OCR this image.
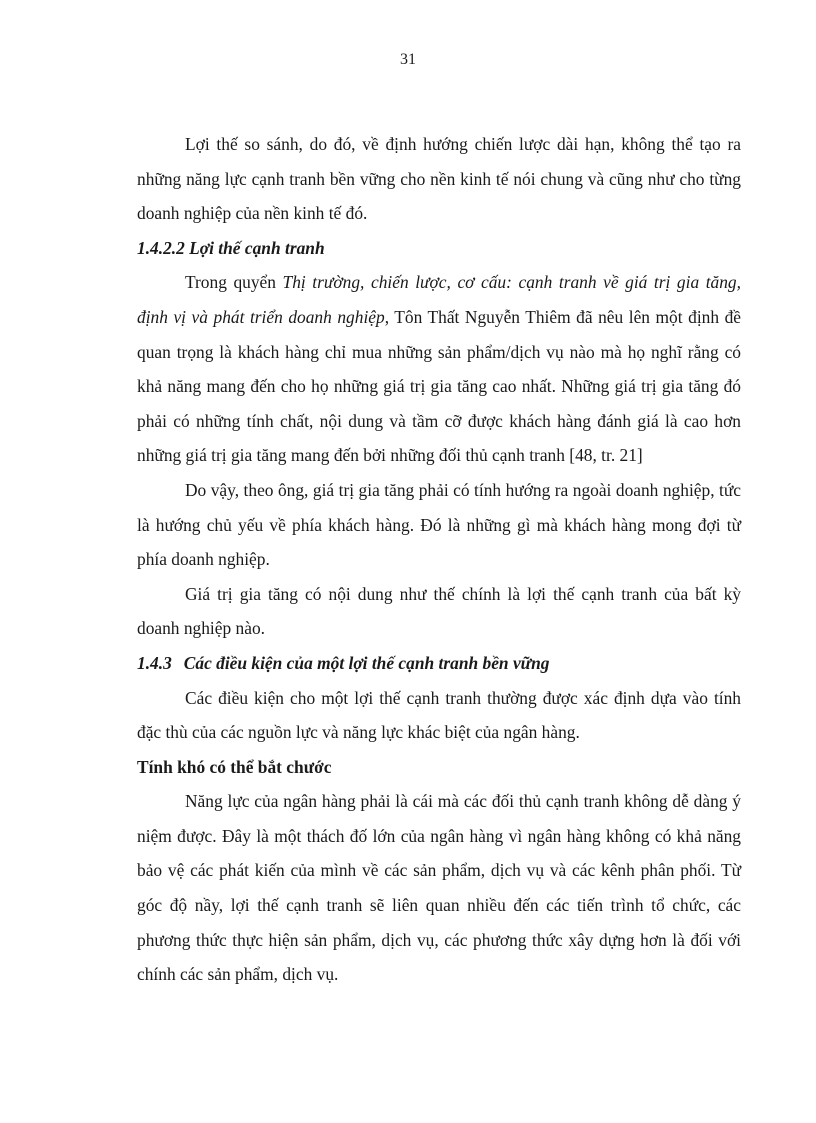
31

Lợi thế so sánh, do đó, về định hướng chiến lược dài hạn, không thể tạo ra những năng lực cạnh tranh bền vững cho nền kinh tế nói chung và cũng như cho từng doanh nghiệp của nền kinh tế đó.

1.4.2.2 Lợi thế cạnh tranh

Trong quyển Thị trường, chiến lược, cơ cấu: cạnh tranh về giá trị gia tăng, định vị và phát triển doanh nghiệp, Tôn Thất Nguyễn Thiêm đã nêu lên một định đề quan trọng là khách hàng chỉ mua những sản phẩm/dịch vụ nào mà họ nghĩ rằng có khả năng mang đến cho họ những giá trị gia tăng cao nhất. Những giá trị gia tăng đó phải có những tính chất, nội dung và tầm cỡ được khách hàng đánh giá là cao hơn những giá trị gia tăng mang đến bởi những đối thủ cạnh tranh [48, tr. 21]

Do vậy, theo ông, giá trị gia tăng phải có tính hướng ra ngoài doanh nghiệp, tức là hướng chủ yếu về phía khách hàng. Đó là những gì mà khách hàng mong đợi từ phía doanh nghiệp.

Giá trị gia tăng có nội dung như thế chính là lợi thế cạnh tranh của bất kỳ doanh nghiệp nào.

1.4.3 Các điều kiện của một lợi thế cạnh tranh bền vững

Các điều kiện cho một lợi thế cạnh tranh thường được xác định dựa vào tính đặc thù của các nguồn lực và năng lực khác biệt của ngân hàng.

Tính khó có thể bắt chước

Năng lực của ngân hàng phải là cái mà các đối thủ cạnh tranh không dễ dàng ý niệm được. Đây là một thách đố lớn của ngân hàng vì ngân hàng không có khả năng bảo vệ các phát kiến của mình về các sản phẩm, dịch vụ và các kênh phân phối. Từ góc độ nầy, lợi thế cạnh tranh sẽ liên quan nhiều đến các tiến trình tổ chức, các phương thức thực hiện sản phẩm, dịch vụ, các phương thức xây dựng hơn là đối với chính các sản phẩm, dịch vụ.
